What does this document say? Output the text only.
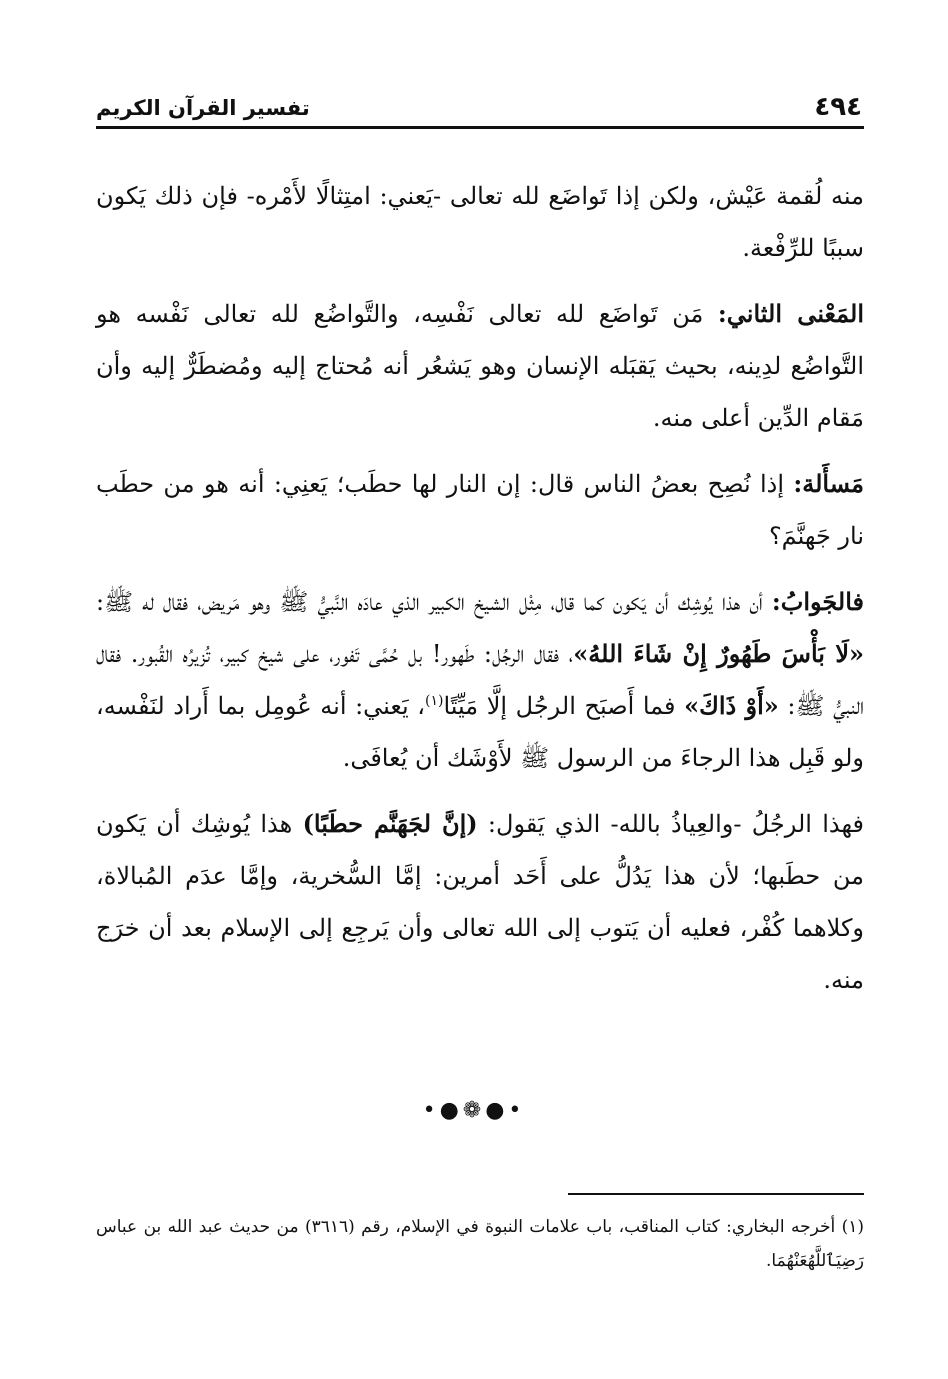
٤٩٤
تفسير القرآن الكريم

منه لُقمة عَيْش، ولكن إذا تَواضَع لله تعالى -يَعني: امتِثالًا لأَمْره- فإن ذلك يَكون سببًا للرِّفْعة.

المَعْنى الثاني: مَن تَواضَع لله تعالى نَفْسِه، والتَّواضُع لله تعالى نَفْسه هو التَّواضُع لدِينه، بحيث يَقبَله الإنسان وهو يَشعُر أنه مُحتاج إليه ومُضطَرٌّ إليه وأن مَقام الدِّين أعلى منه.

مَسأَلة: إذا نُصِح بعضُ الناس قال: إن النار لها حطَب؛ يَعنِي: أنه هو من حطَب نار جَهنَّمَ؟

فالجَوابُ: أن هذا يُوشِك أن يَكون كما قال، مِثْل الشيخ الكبير الذي عادَه النَّبيُّ ﷺ وهو مَريض، فقال له ﷺ: «لَا بَأْسَ طَهُورٌ إِنْ شَاءَ اللهُ»، فقال الرجُل: طَهور! بل حُمَّى تَفور، على شيخ كبير، تُزيرُه القُبور. فقال النبيُّ ﷺ: «أَوْ ذَاكَ» فما أَصبَح الرجُل إلَّا مَيِّتًا$^{(١)}$، يَعني: أنه عُومِل بما أَراد لنَفْسه، ولو قَبِل هذا الرجاءَ من الرسول ﷺ لأَوْشَك أن يُعافَى.

فهذا الرجُلُ -والعِياذُ بالله- الذي يَقول: (إنَّ لجَهَنَّم حطَبًا) هذا يُوشِك أن يَكون من حطَبها؛ لأن هذا يَدُلُّ على أَحَد أمرين: إمَّا السُّخرية، وإمَّا عدَم المُبالاة، وكلاهما كُفْر، فعليه أن يَتوب إلى الله تعالى وأن يَرجِع إلى الإسلام بعد أن خرَج منه.

•●❁●•
(١) أخرجه البخاري: كتاب المناقب، باب علامات النبوة في الإسلام، رقم (٣٦١٦) من حديث عبد الله بن عباس رَضِيَٱللَّهُعَنْهُمَا.
